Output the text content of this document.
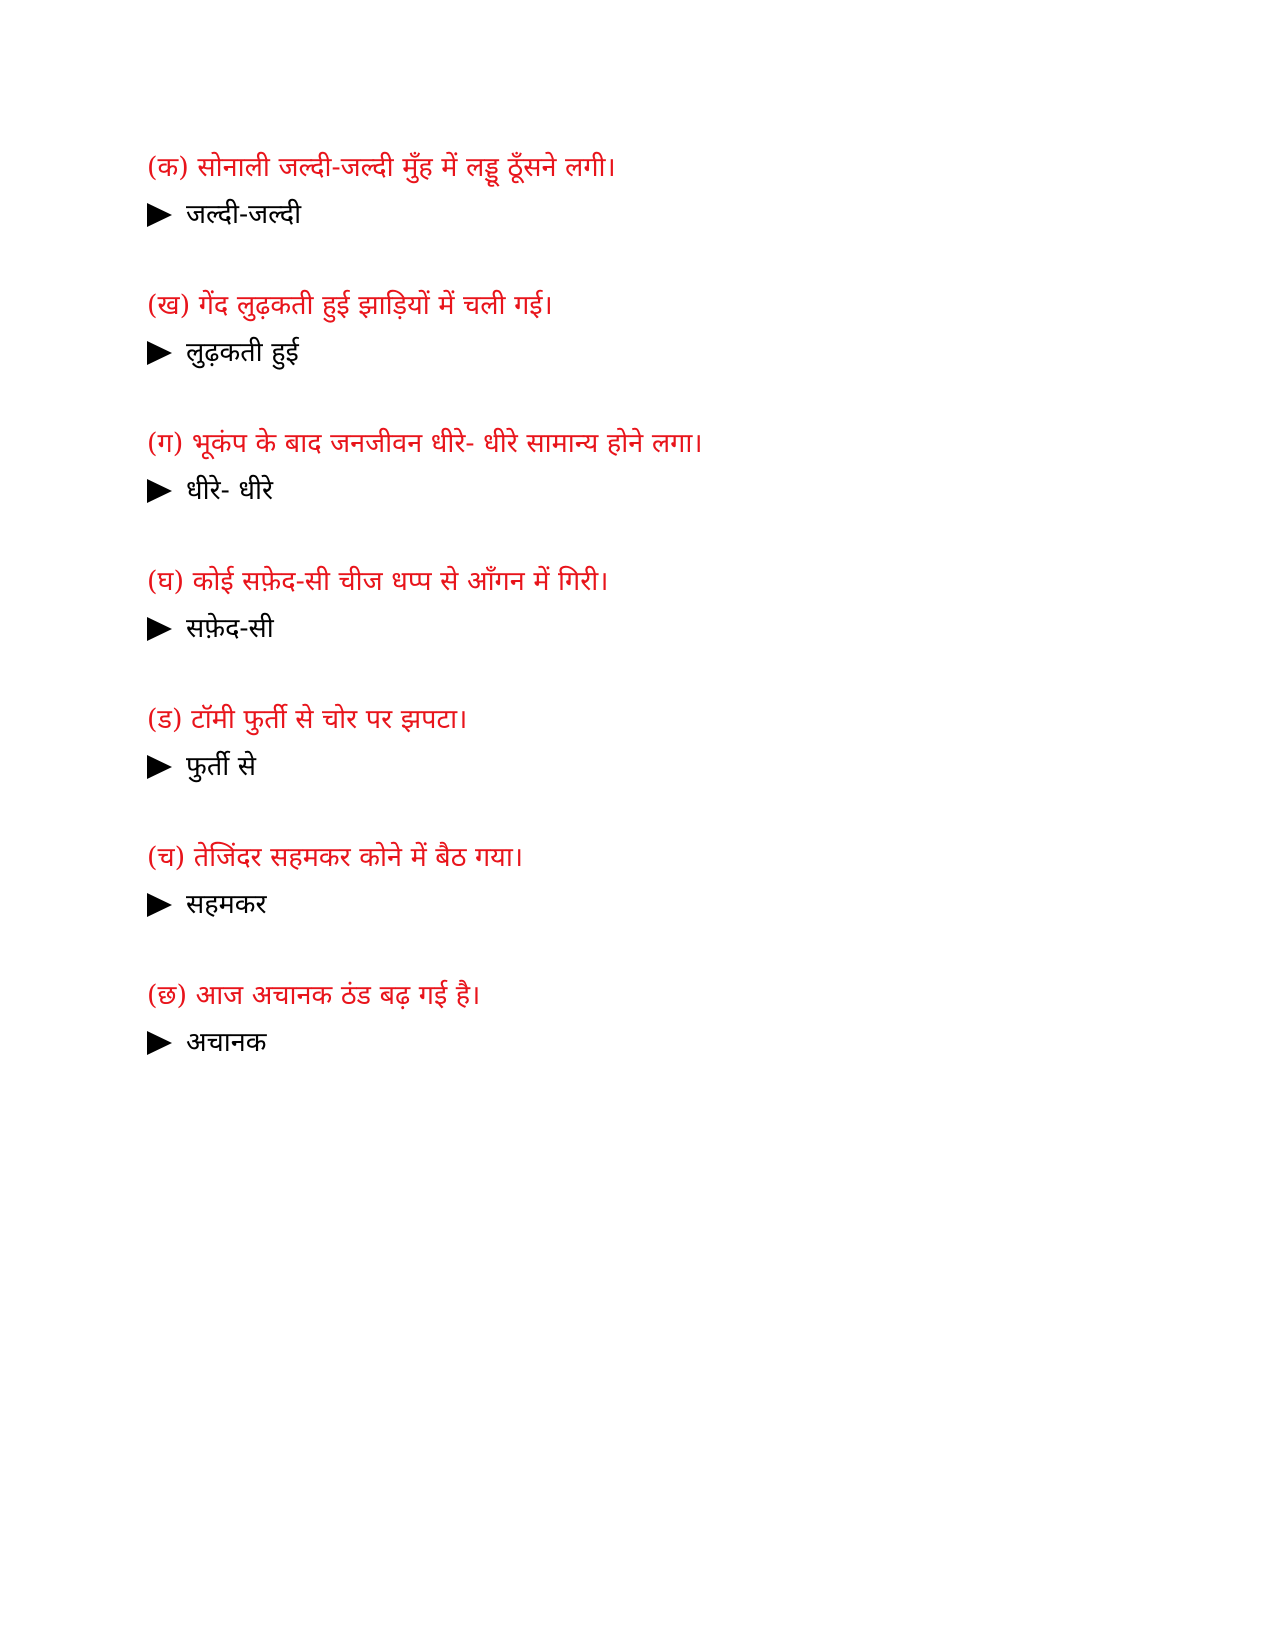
(क) सोनाली जल्दी-जल्दी मुँह में लड्डू ठूँसने लगी।
जल्दी-जल्दी
(ख) गेंद लुढ़कती हुई झाड़ियों में चली गई।
लुढ़कती हुई
(ग) भूकंप के बाद जनजीवन धीरे- धीरे सामान्य होने लगा।
धीरे- धीरे
(घ) कोई सफ़ेद-सी चीज धप्प से आँगन में गिरी।
सफ़ेद-सी
(ड) टॉमी फुर्ती से चोर पर झपटा।
फुर्ती से
(च) तेजिंदर सहमकर कोने में बैठ गया।
सहमकर
(छ) आज अचानक ठंड बढ़ गई है।
अचानक
